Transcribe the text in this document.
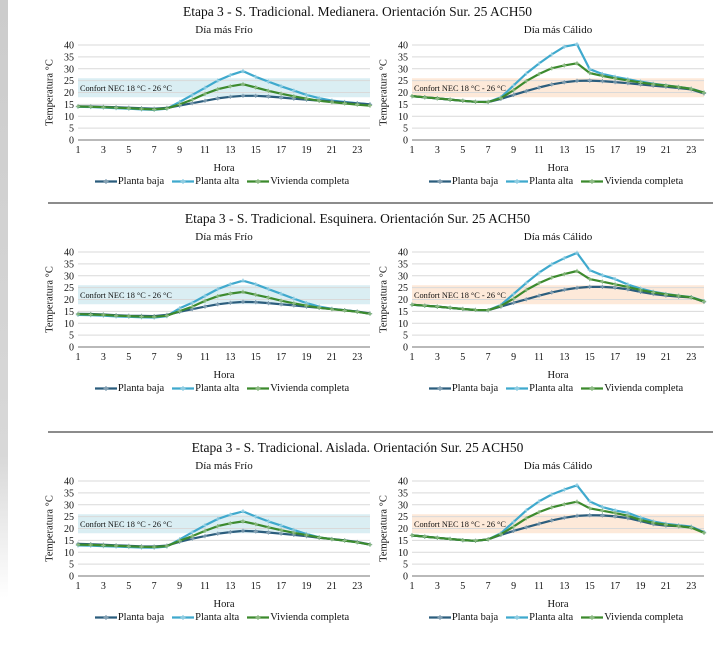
Etapa 3 - S. Tradicional. Medianera. Orientación Sur. 25 ACH50
Día más Frío
0
5
10
15
20
25
30
35
40
Confort NEC 18 °C - 26 °C
1 3 5 7 9 11 13 15 17 19 21 23
Hora
Temperatura °C
Planta baja	Planta alta	Vivienda completa
Día más Cálido
0
5
10
15
20
25
30
35
40
Confort NEC 18 °C - 26 °C
1 3 5 7 9 11 13 15 17 19 21 23
Hora
Temperatura °C
Planta baja	Planta alta	Vivienda completa
Etapa 3 - S. Tradicional. Esquinera. Orientación Sur. 25 ACH50
Día más Frío
0
5
10
15
20
25
30
35
40
Confort NEC 18 °C - 26 °C
1 3 5 7 9 11 13 15 17 19 21 23
Hora
Temperatura °C
Planta baja	Planta alta	Vivienda completa
Día más Cálido
0
5
10
15
20
25
30
35
40
Confort NEC 18 °C - 26 °C
1 3 5 7 9 11 13 15 17 19 21 23
Hora
Temperatura °C
Planta baja	Planta alta	Vivienda completa
Etapa 3 - S. Tradicional. Aislada. Orientación Sur. 25 ACH50
Día más Frío
0
5
10
15
20
25
30
35
40
Confort NEC 18 °C - 26 °C
1 3 5 7 9 11 13 15 17 19 21 23
Hora
Temperatura °C
Planta baja	Planta alta	Vivienda completa
Día más Cálido
0
5
10
15
20
25
30
35
40
Confort NEC 18 °C - 26 °C
1 3 5 7 9 11 13 15 17 19 21 23
Hora
Temperatura °C
Planta baja	Planta alta	Vivienda completa
